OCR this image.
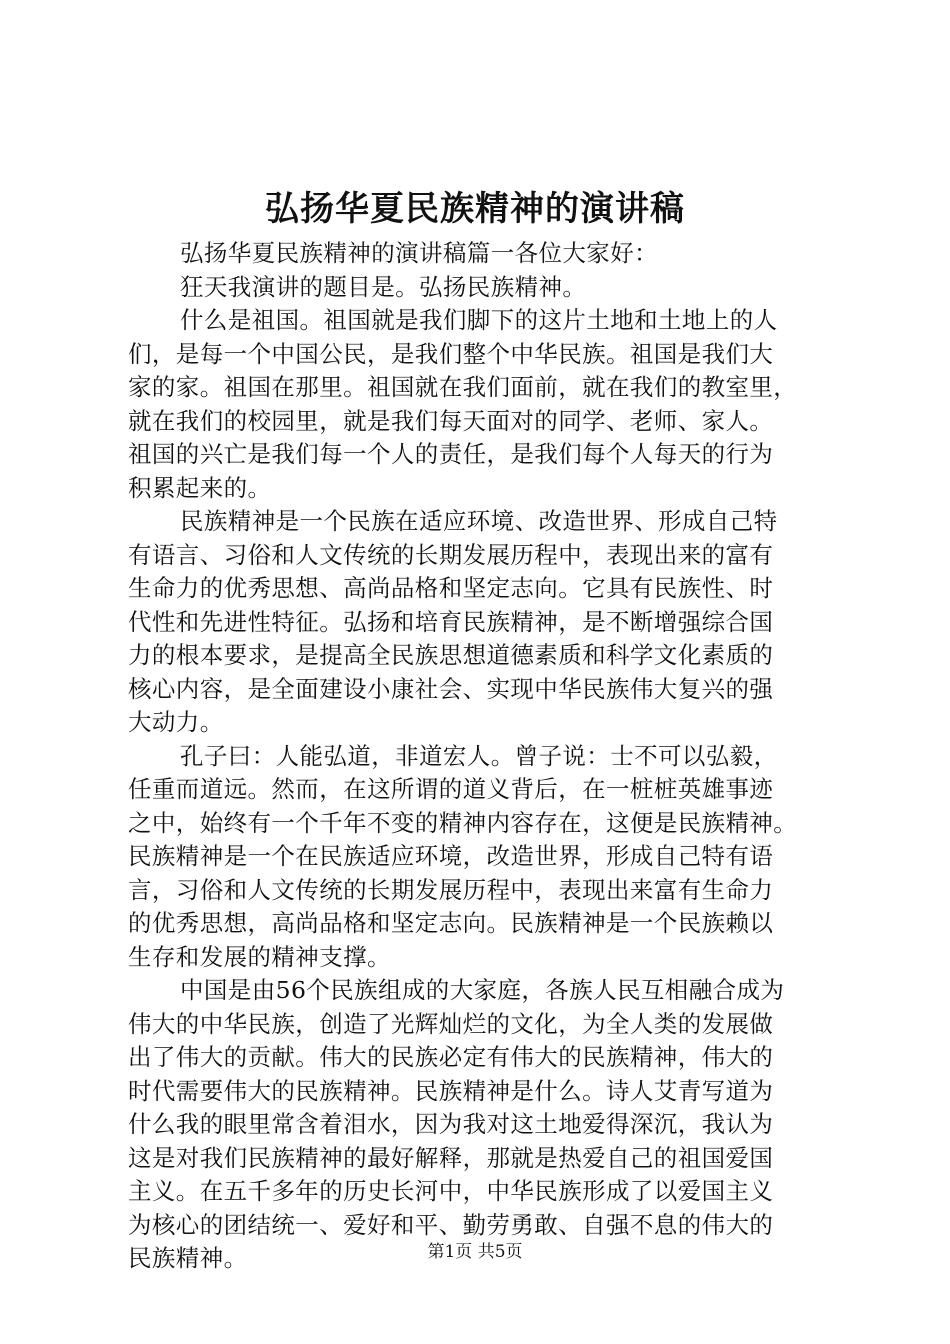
弘扬华夏民族精神的演讲稿
弘扬华夏民族精神的演讲稿篇一各位大家好：
狂天我演讲的题目是。弘扬民族精神。
什么是祖国。祖国就是我们脚下的这片土地和土地上的人
们，是每一个中国公民，是我们整个中华民族。祖国是我们大
家的家。祖国在那里。祖国就在我们面前，就在我们的教室里，
就在我们的校园里，就是我们每天面对的同学、老师、家人。
祖国的兴亡是我们每一个人的责任，是我们每个人每天的行为
积累起来的。
民族精神是一个民族在适应环境、改造世界、形成自己特
有语言、习俗和人文传统的长期发展历程中，表现出来的富有
生命力的优秀思想、高尚品格和坚定志向。它具有民族性、时
代性和先进性特征。弘扬和培育民族精神，是不断增强综合国
力的根本要求，是提高全民族思想道德素质和科学文化素质的
核心内容，是全面建设小康社会、实现中华民族伟大复兴的强
大动力。
孔子曰：人能弘道，非道宏人。曾子说：士不可以弘毅，
任重而道远。然而，在这所谓的道义背后，在一桩桩英雄事迹
之中，始终有一个千年不变的精神内容存在，这便是民族精神。
民族精神是一个在民族适应环境，改造世界，形成自己特有语
言，习俗和人文传统的长期发展历程中，表现出来富有生命力
的优秀思想，高尚品格和坚定志向。民族精神是一个民族赖以
生存和发展的精神支撑。
中国是由56个民族组成的大家庭，各族人民互相融合成为
伟大的中华民族，创造了光辉灿烂的文化，为全人类的发展做
出了伟大的贡献。伟大的民族必定有伟大的民族精神，伟大的
时代需要伟大的民族精神。民族精神是什么。诗人艾青写道为
什么我的眼里常含着泪水，因为我对这土地爱得深沉，我认为
这是对我们民族精神的最好解释，那就是热爱自己的祖国爱国
主义。在五千多年的历史长河中，中华民族形成了以爱国主义
为核心的团结统一、爱好和平、勤劳勇敢、自强不息的伟大的
民族精神。	第1页 共5页
